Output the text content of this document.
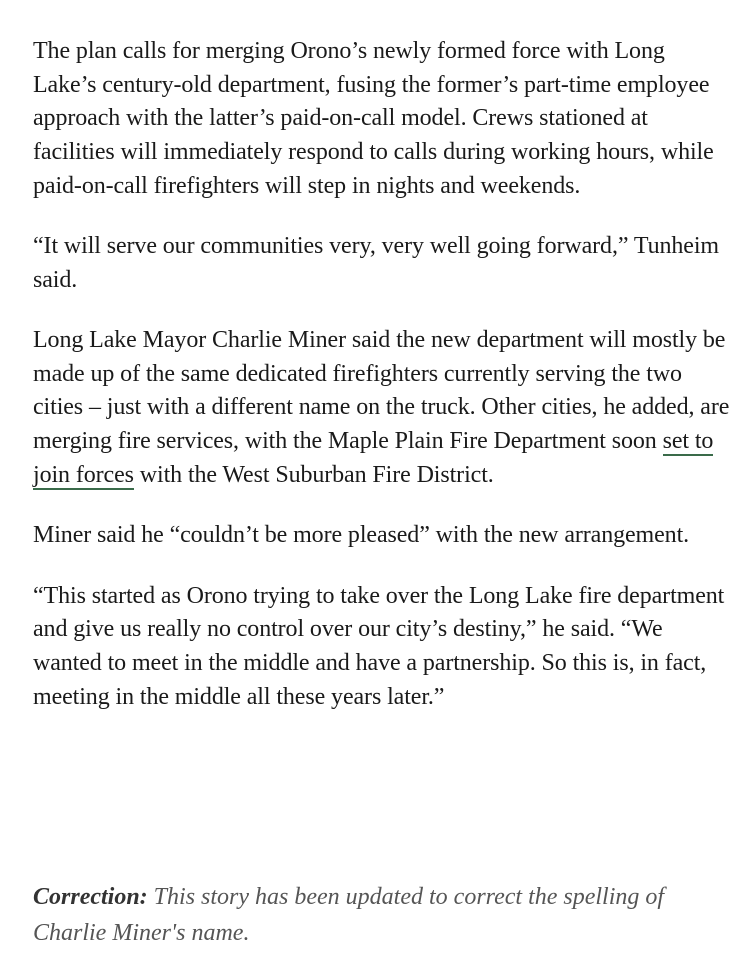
The plan calls for merging Orono’s newly formed force with Long Lake’s century-old department, fusing the former’s part-time employee approach with the latter’s paid-on-call model. Crews stationed at facilities will immediately respond to calls during working hours, while paid-on-call firefighters will step in nights and weekends.

“It will serve our communities very, very well going forward,” Tunheim said.

Long Lake Mayor Charlie Miner said the new department will mostly be made up of the same dedicated firefighters currently serving the two cities – just with a different name on the truck. Other cities, he added, are merging fire services, with the Maple Plain Fire Department soon set to join forces with the West Suburban Fire District.

Miner said he “couldn’t be more pleased” with the new arrangement.

“This started as Orono trying to take over the Long Lake fire department and give us really no control over our city’s destiny,” he said. “We wanted to meet in the middle and have a partnership. So this is, in fact, meeting in the middle all these years later.”

Correction: This story has been updated to correct the spelling of Charlie Miner's name.
